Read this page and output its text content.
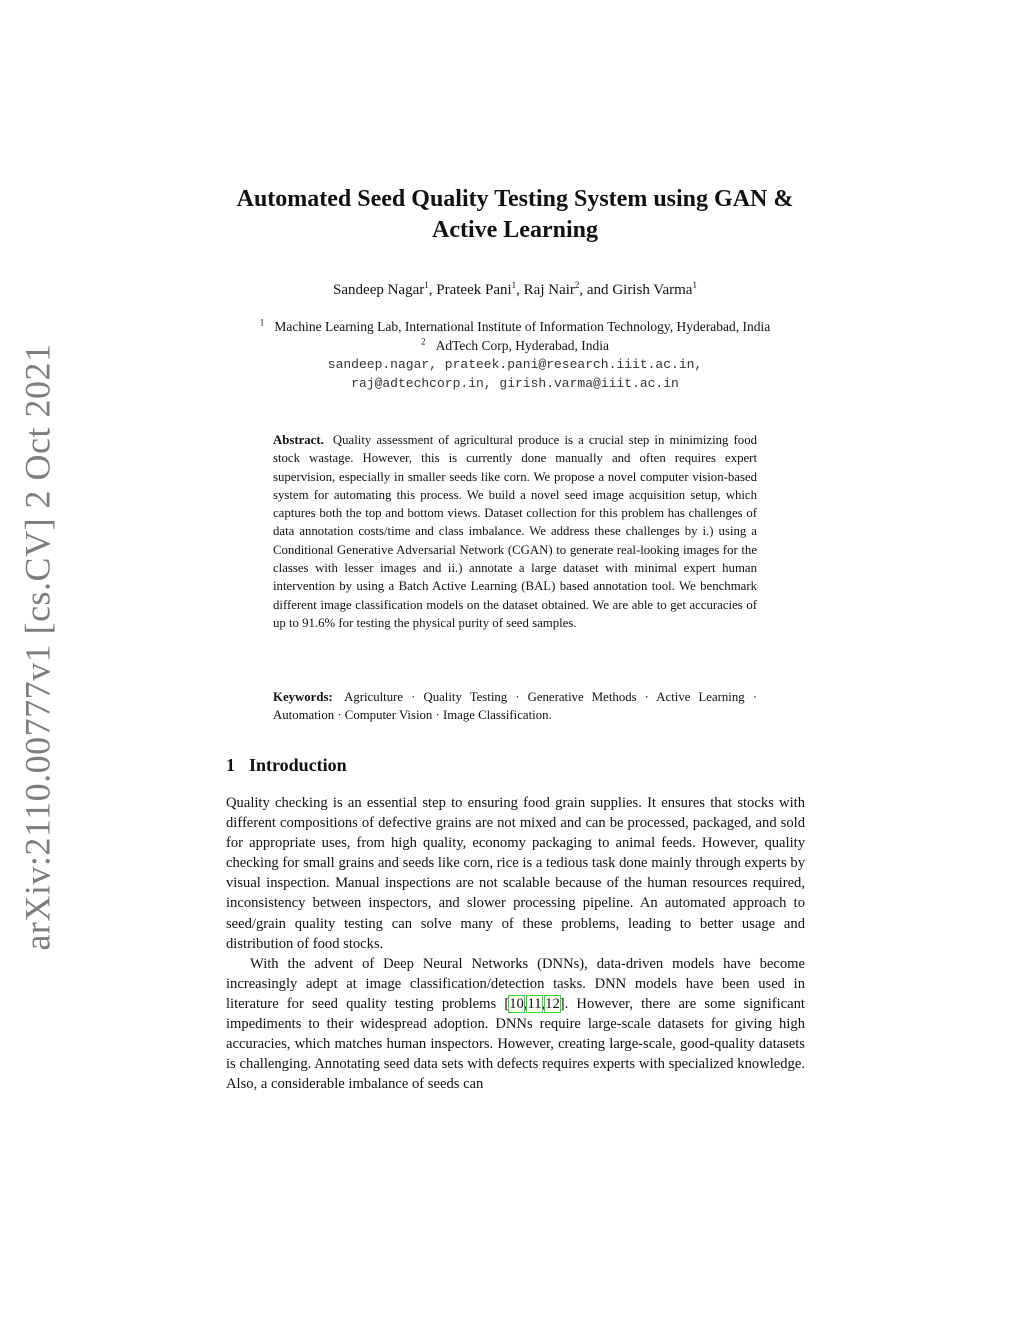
arXiv:2110.00777v1 [cs.CV] 2 Oct 2021
Automated Seed Quality Testing System using GAN &
Active Learning
Sandeep Nagar$^1$, Prateek Pani$^1$, Raj Nair$^2$, and Girish Varma$^1$
$^1$ Machine Learning Lab, International Institute of Information Technology, Hyderabad, India
$^2$ AdTech Corp, Hyderabad, India
sandeep.nagar, prateek.pani@research.iiit.ac.in,
raj@adtechcorp.in, girish.varma@iiit.ac.in
Abstract. Quality assessment of agricultural produce is a crucial step in minimizing food stock wastage. However, this is currently done manually and often requires expert supervision, especially in smaller seeds like corn. We propose a novel computer vision-based system for automating this process. We build a novel seed image acquisition setup, which captures both the top and bottom views. Dataset collection for this problem has challenges of data annotation costs/time and class imbalance. We address these challenges by i.) using a Conditional Generative Adversarial Network (CGAN) to generate real-looking images for the classes with lesser images and ii.) annotate a large dataset with minimal expert human intervention by using a Batch Active Learning (BAL) based annotation tool. We benchmark different image classification models on the dataset obtained. We are able to get accuracies of up to 91.6% for testing the physical purity of seed samples.
Keywords: Agriculture · Quality Testing · Generative Methods · Active Learning · Automation · Computer Vision · Image Classification.
1 Introduction

Quality checking is an essential step to ensuring food grain supplies. It ensures that stocks with different compositions of defective grains are not mixed and can be processed, packaged, and sold for appropriate uses, from high quality, economy packaging to animal feeds. However, quality checking for small grains and seeds like corn, rice is a tedious task done mainly through experts by visual inspection. Manual inspections are not scalable because of the human resources required, inconsistency between inspectors, and slower processing pipeline. An automated approach to seed/grain quality testing can solve many of these problems, leading to better usage and distribution of food stocks.

With the advent of Deep Neural Networks (DNNs), data-driven models have become increasingly adept at image classification/detection tasks. DNN models have been used in literature for seed quality testing problems [10,11,12]. However, there are some significant impediments to their widespread adoption. DNNs require large-scale datasets for giving high accuracies, which matches human inspectors. However, creating large-scale, good-quality datasets is challenging. Annotating seed data sets with defects requires experts with specialized knowledge. Also, a considerable imbalance of seeds can
